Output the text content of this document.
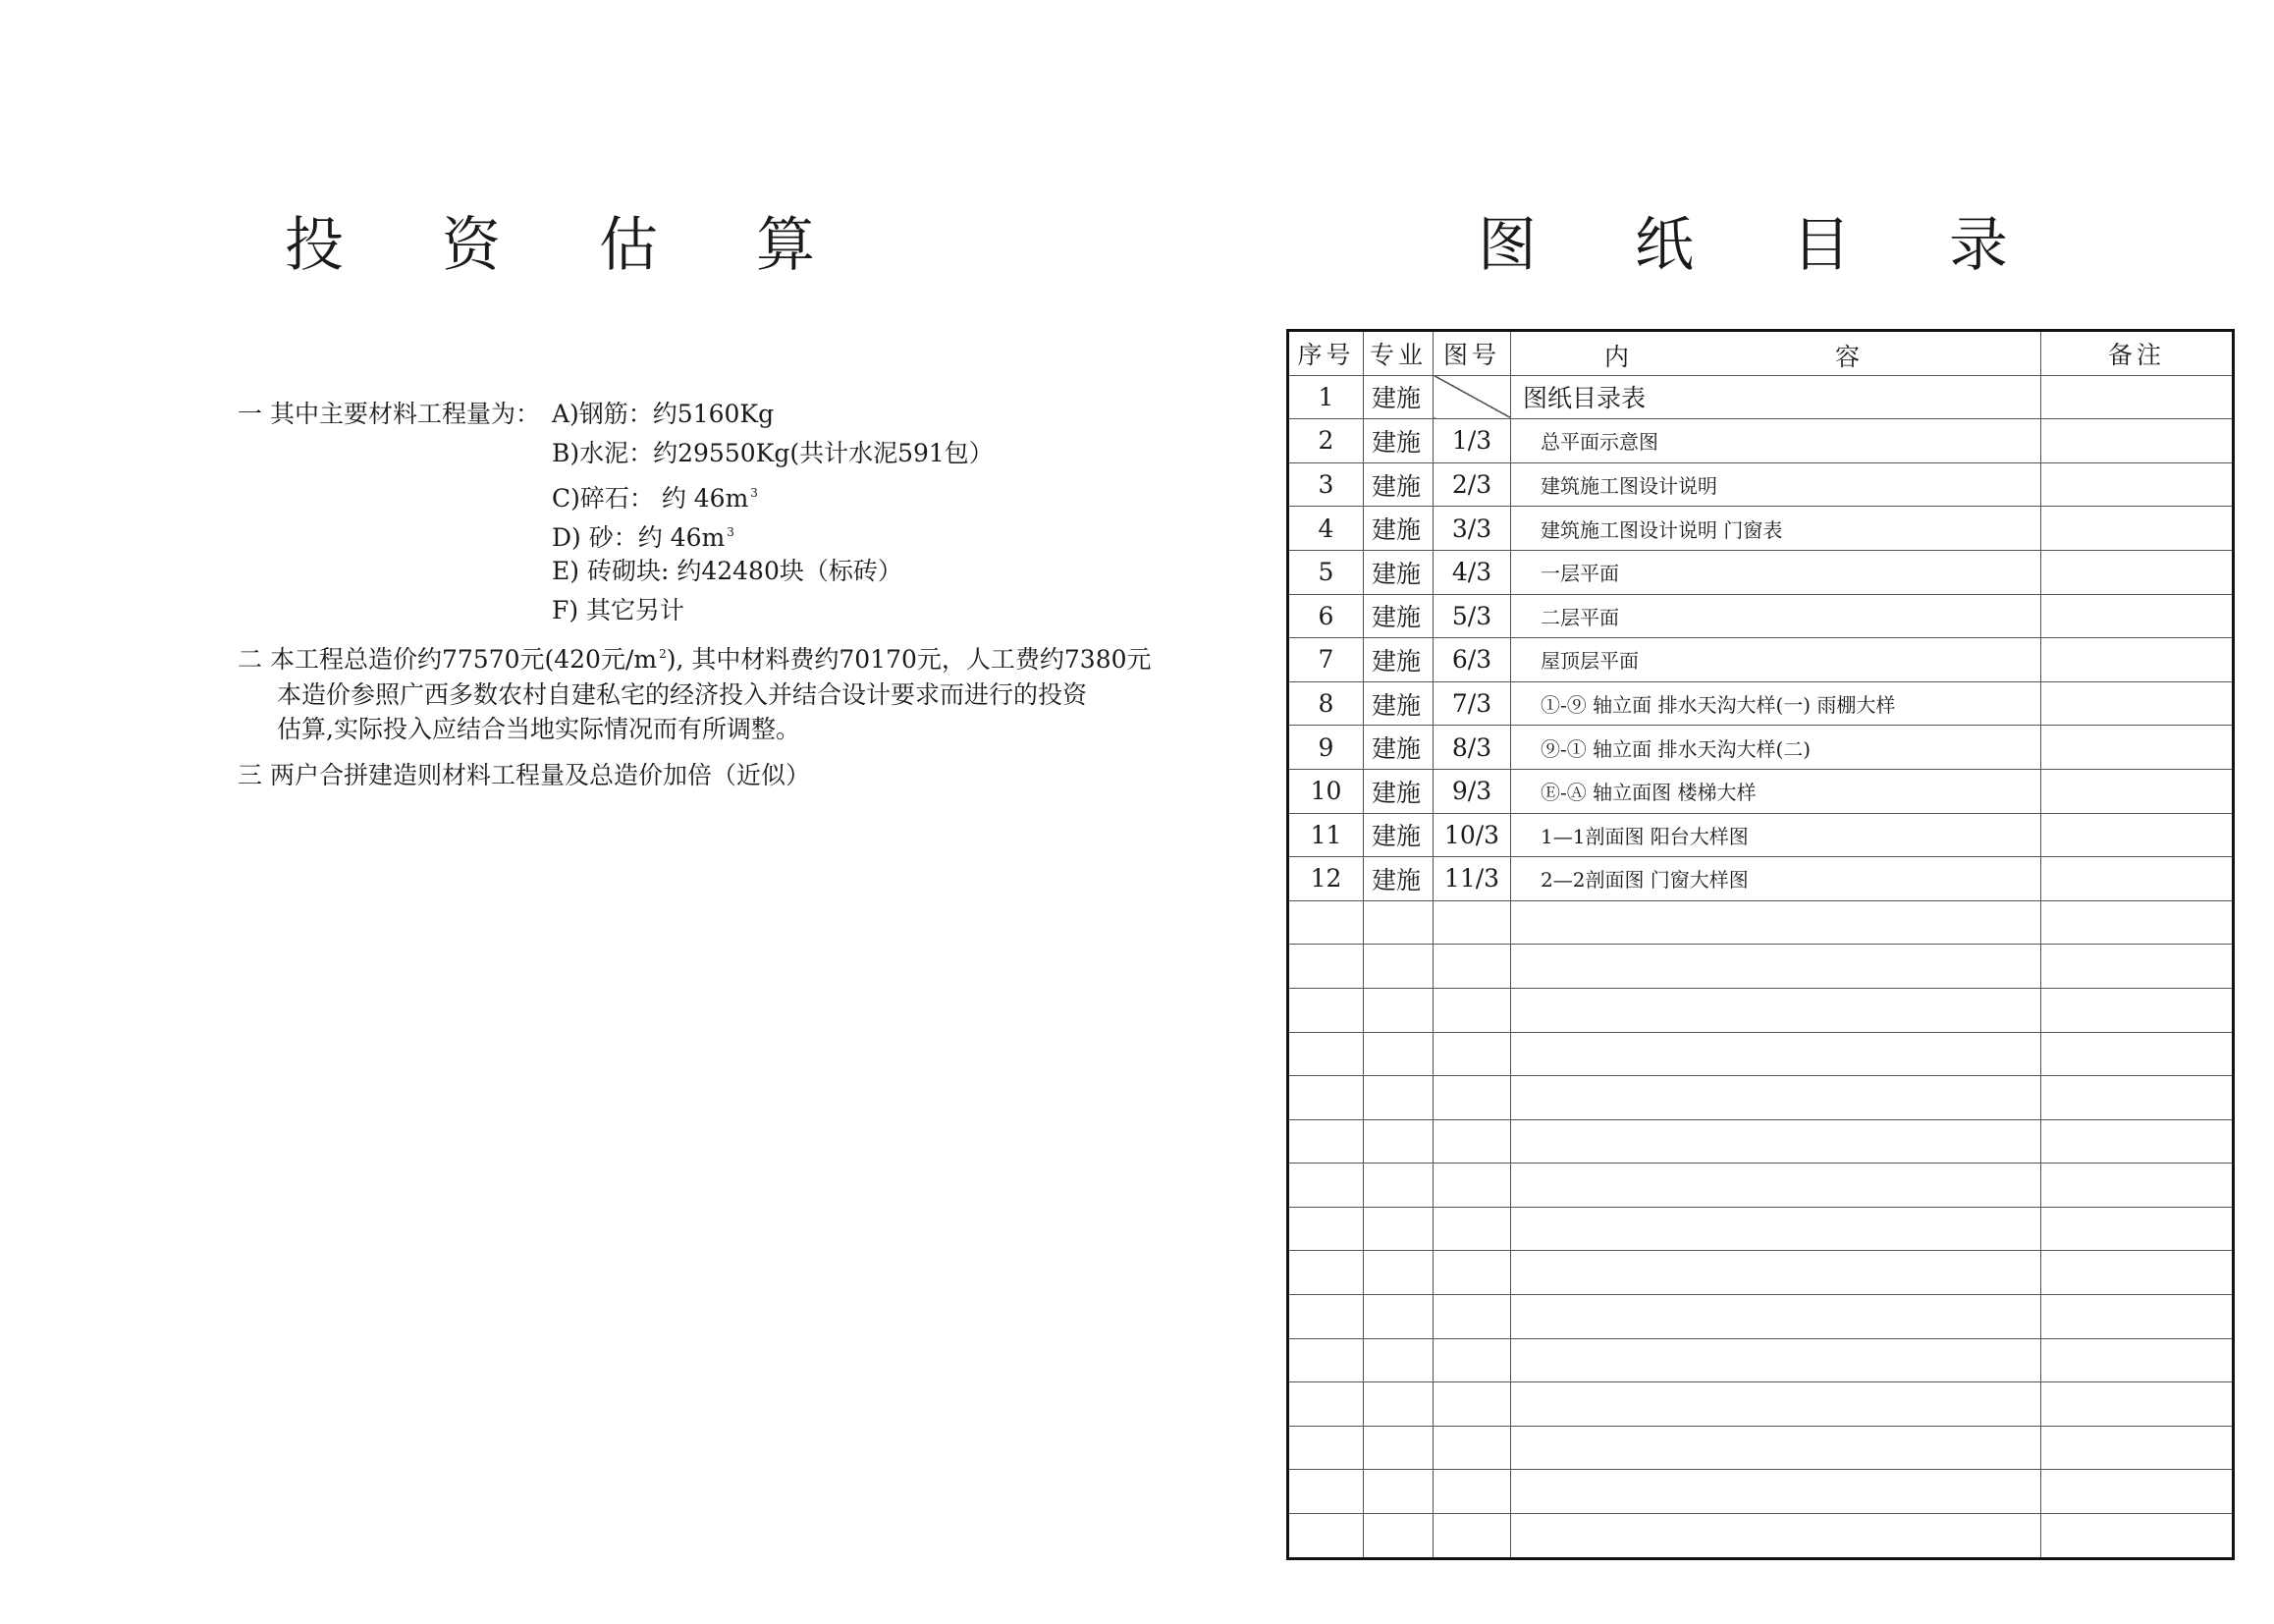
投 资 估 算	图 纸 目 录
一 其中主要材料工程量为： A)钢筋：约5160Kg
B)水泥：约29550Kg(共计水泥591包）
C)碎石： 约 46m $^3$
D) 砂：约 46m $^3$
E) 砖砌块: 约42480块（标砖）
F) 其它另计
二 本工程总造价约77570元(420元/m $^2$), 其中材料费约70170元，人工费约7380元
本造价参照广西多数农村自建私宅的经济投入并结合设计要求而进行的投资
估算,实际投入应结合当地实际情况而有所调整。
三 两户合拼建造则材料工程量及总造价加倍（近似）
序号	专业	图号	内 容	备注
1	建施		图纸目录表	
2	建施	1/3	总平面示意图	
3	建施	2/3	建筑施工图设计说明	
4	建施	3/3	建筑施工图设计说明 门窗表	
5	建施	4/3	一层平面	
6	建施	5/3	二层平面	
7	建施	6/3	屋顶层平面	
8	建施	7/3	①-⑨ 轴立面 排水天沟大样(一) 雨棚大样	
9	建施	8/3	⑨-① 轴立面 排水天沟大样(二)	
10	建施	9/3	Ⓔ-Ⓐ 轴立面图 楼梯大样	
11	建施	10/3	1—1剖面图 阳台大样图	
12	建施	11/3	2—2剖面图 门窗大样图	
